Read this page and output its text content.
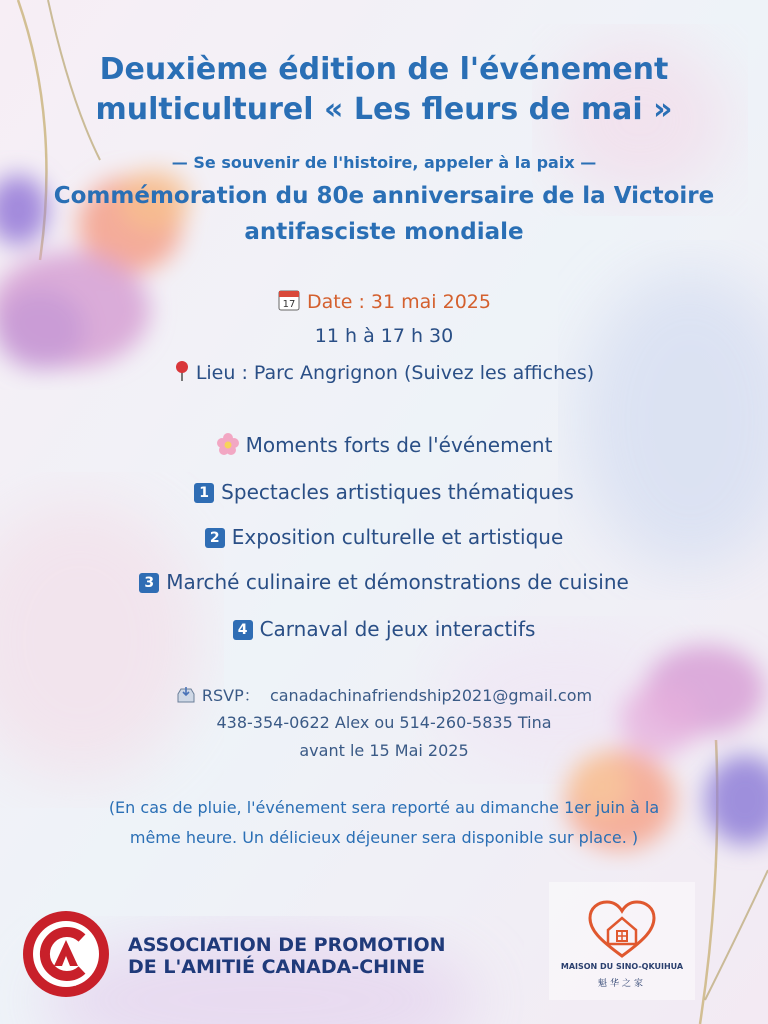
Deuxième édition de l'événement
multiculturel « Les fleurs de mai »
— Se souvenir de l'histoire, appeler à la paix —
Commémoration du 80e anniversaire de la Victoire
antifasciste mondiale
17 Date : 31 mai 2025
11 h à 17 h 30
Lieu : Parc Angrignon (Suivez les affiches)
Moments forts de l'événement
1 Spectacles artistiques thématiques
2 Exposition culturelle et artistique
3 Marché culinaire et démonstrations de cuisine
4 Carnaval de jeux interactifs
RSVP： canadachinafriendship2021@gmail.com
438-354-0622 Alex ou 514-260-5835 Tina
avant le 15 Mai 2025
(En cas de pluie, l'événement sera reporté au dimanche 1er juin à la
même heure. Un délicieux déjeuner sera disponible sur place. )
CCFPA
ASSOCIATION DE PROMOTION
DE L'AMITIÉ CANADA-CHINE	MAISON DU SINO-QKUIHUA
魁华之家
